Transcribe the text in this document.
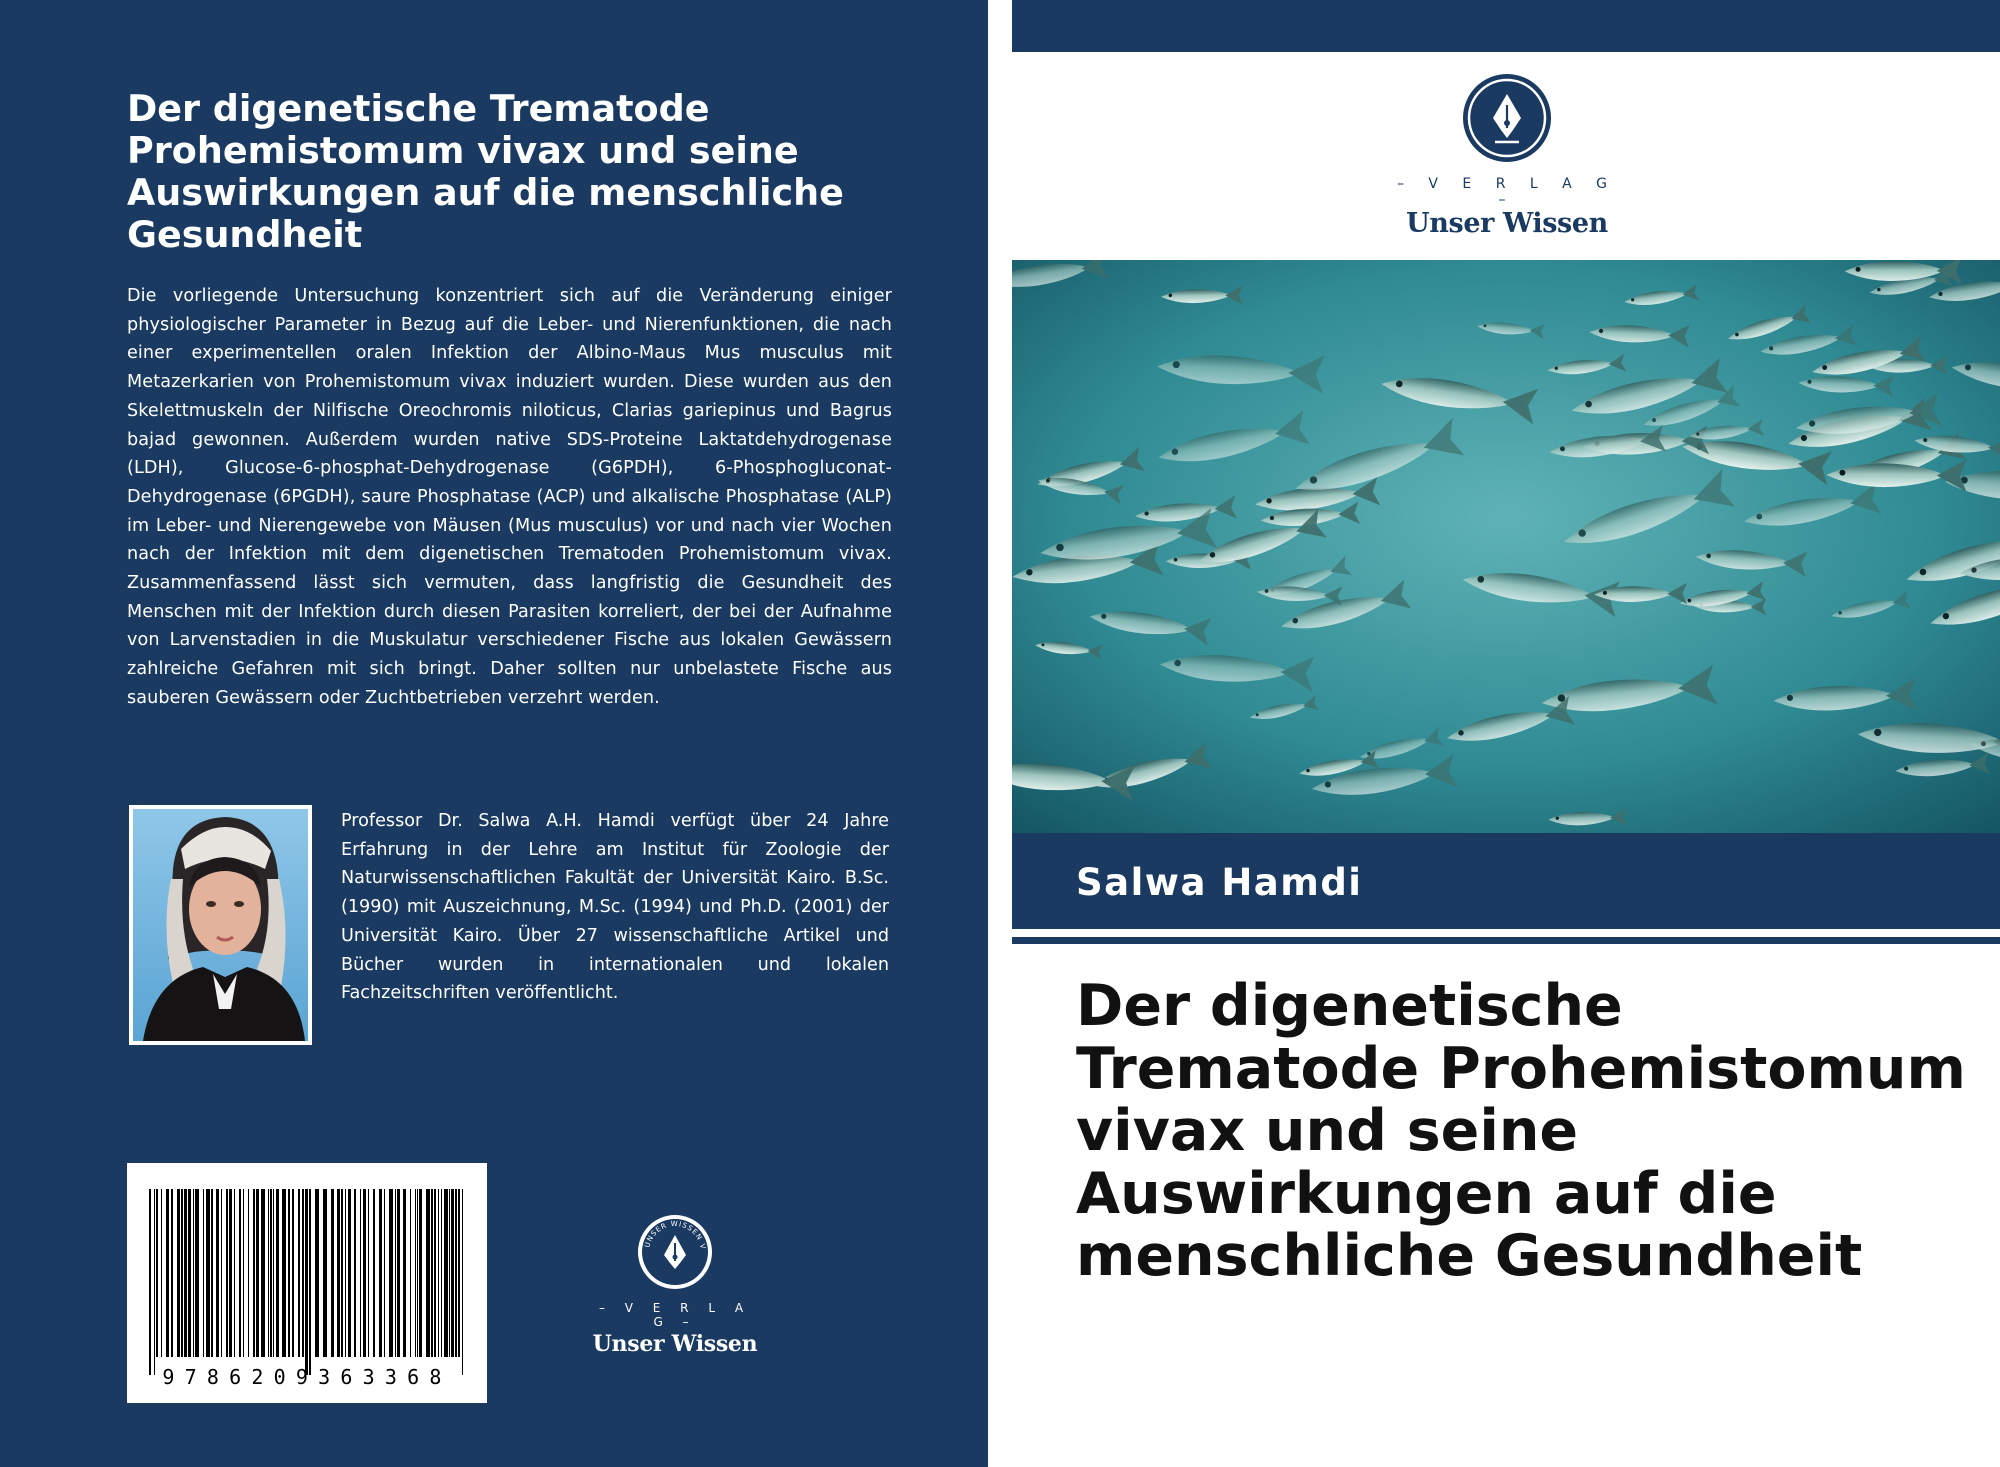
Der digenetische Trematode Prohemistomum vivax und seine Auswirkungen auf die menschliche Gesundheit

Die vorliegende Untersuchung konzentriert sich auf die Veränderung einiger physiologischer Parameter in Bezug auf die Leber- und Nierenfunktionen, die nach einer experimentellen oralen Infektion der Albino-Maus Mus musculus mit Metazerkarien von Prohemistomum vivax induziert wurden. Diese wurden aus den Skelettmuskeln der Nilfische Oreochromis niloticus, Clarias gariepinus und Bagrus bajad gewonnen. Außerdem wurden native SDS-Proteine Laktatdehydrogenase (LDH), Glucose-6-phosphat-Dehydrogenase (G6PDH), 6-Phosphogluconat-Dehydrogenase (6PGDH), saure Phosphatase (ACP) und alkalische Phosphatase (ALP) im Leber- und Nierengewebe von Mäusen (Mus musculus) vor und nach vier Wochen nach der Infektion mit dem digenetischen Trematoden Prohemistomum vivax. Zusammenfassend lässt sich vermuten, dass langfristig die Gesundheit des Menschen mit der Infektion durch diesen Parasiten korreliert, der bei der Aufnahme von Larvenstadien in die Muskulatur verschiedener Fische aus lokalen Gewässern zahlreiche Gefahren mit sich bringt. Daher sollten nur unbelastete Fische aus sauberen Gewässern oder Zuchtbetrieben verzehrt werden.

Professor Dr. Salwa A.H. Hamdi verfügt über 24 Jahre Erfahrung in der Lehre am Institut für Zoologie der Naturwissenschaftlichen Fakultät der Universität Kairo. B.Sc. (1990) mit Auszeichnung, M.Sc. (1994) und Ph.D. (2001) der Universität Kairo. Über 27 wissenschaftliche Artikel und Bücher wurden in internationalen und lokalen Fachzeitschriften veröffentlicht.

9786209363368
UNSER WISSEN V
– V E R L A G –
Unser Wissen
– V E R L A G –
Unser Wissen
Salwa Hamdi
Der digenetische Trematode Prohemistomum vivax und seine Auswirkungen auf die menschliche Gesundheit
